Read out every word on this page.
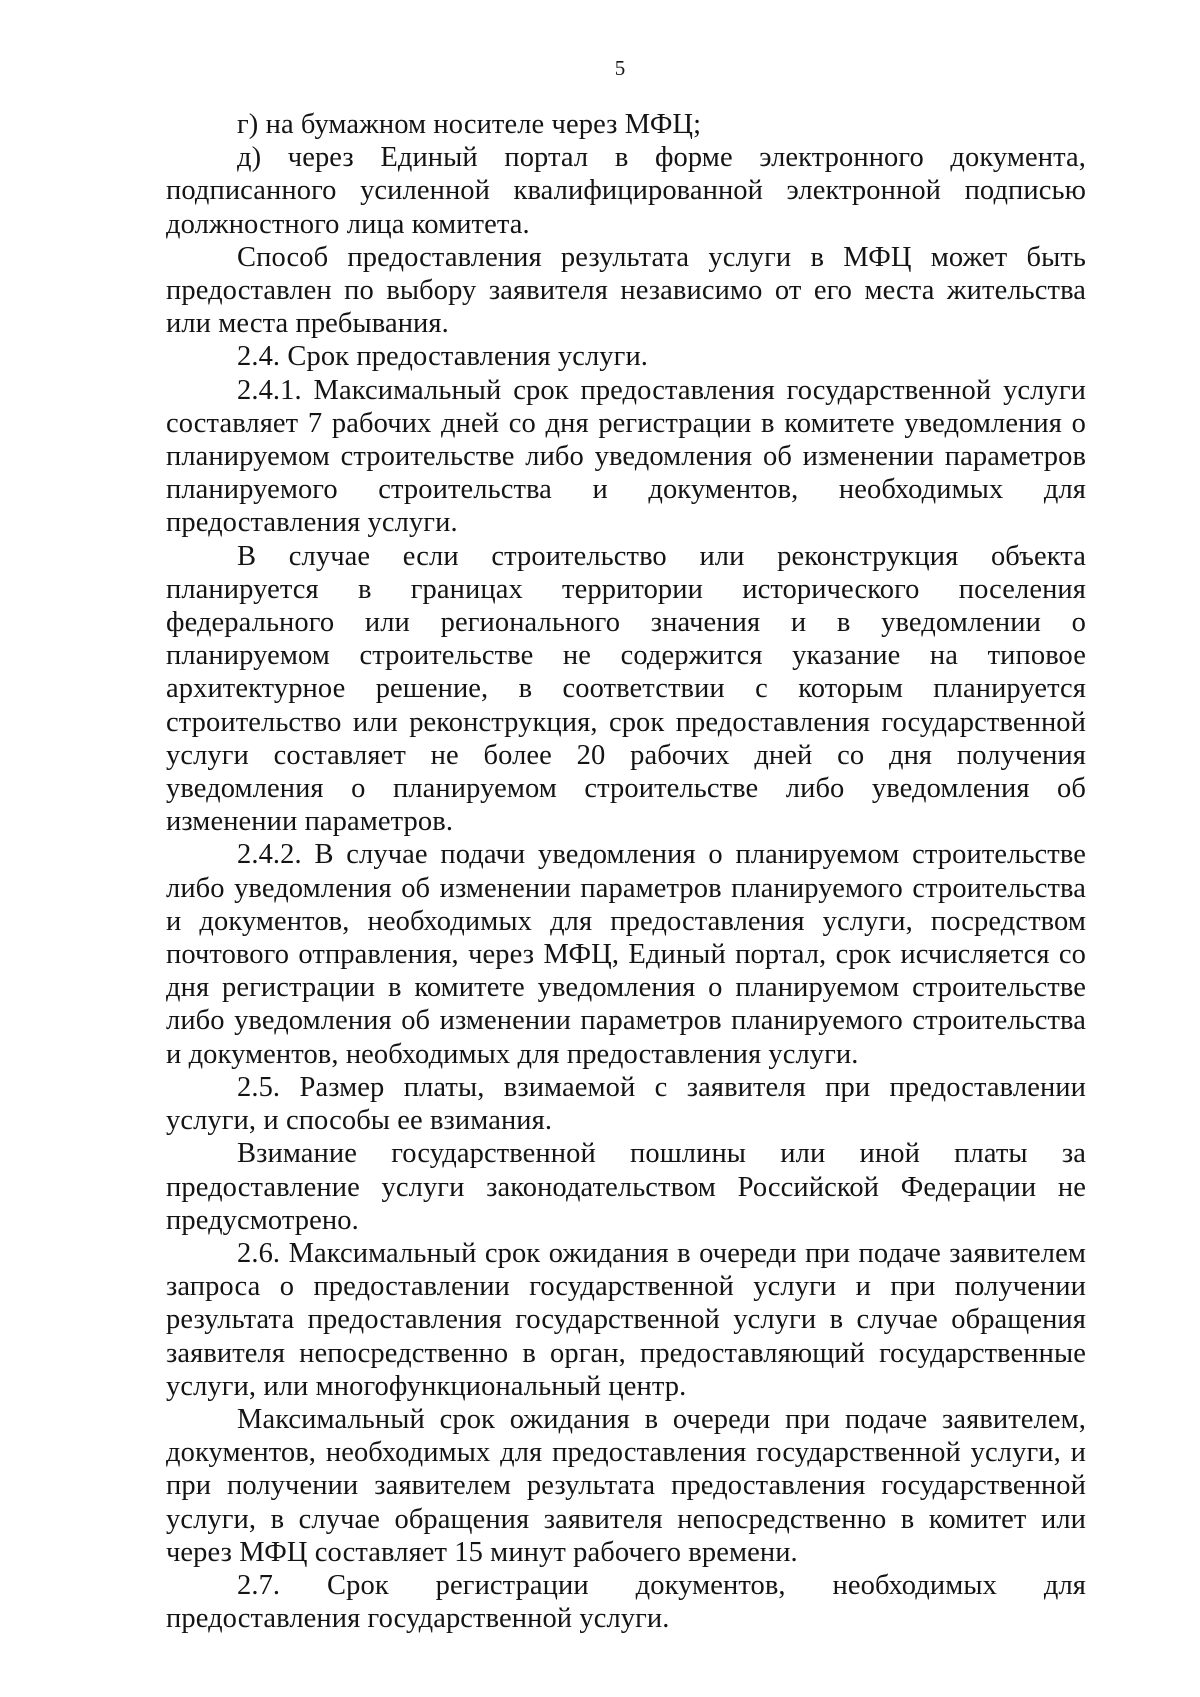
5

г) на бумажном носителе через МФЦ;

д) через Единый портал в форме электронного документа, подписанного усиленной квалифицированной электронной подписью должностного лица комитета.

Способ предоставления результата услуги в МФЦ может быть предоставлен по выбору заявителя независимо от его места жительства или места пребывания.

2.4. Срок предоставления услуги.

2.4.1. Максимальный срок предоставления государственной услуги составляет 7 рабочих дней со дня регистрации в комитете уведомления о планируемом строительстве либо уведомления об изменении параметров планируемого строительства и документов, необходимых для предоставления услуги.

В случае если строительство или реконструкция объекта планируется в границах территории исторического поселения федерального или регионального значения и в уведомлении о планируемом строительстве не содержится указание на типовое архитектурное решение, в соответствии с которым планируется строительство или реконструкция, срок предоставления государственной услуги составляет не более 20 рабочих дней со дня получения уведомления о планируемом строительстве либо уведомления об изменении параметров.

2.4.2. В случае подачи уведомления о планируемом строительстве либо уведомления об изменении параметров планируемого строительства и документов, необходимых для предоставления услуги, посредством почтового отправления, через МФЦ, Единый портал, срок исчисляется со дня регистрации в комитете уведомления о планируемом строительстве либо уведомления об изменении параметров планируемого строительства и документов, необходимых для предоставления услуги.

2.5. Размер платы, взимаемой с заявителя при предоставлении услуги, и способы ее взимания.

Взимание государственной пошлины или иной платы за предоставление услуги законодательством Российской Федерации не предусмотрено.

2.6. Максимальный срок ожидания в очереди при подаче заявителем запроса о предоставлении государственной услуги и при получении результата предоставления государственной услуги в случае обращения заявителя непосредственно в орган, предоставляющий государственные услуги, или многофункциональный центр.

Максимальный срок ожидания в очереди при подаче заявителем, документов, необходимых для предоставления государственной услуги, и при получении заявителем результата предоставления государственной услуги, в случае обращения заявителя непосредственно в комитет или через МФЦ составляет 15 минут рабочего времени.

2.7. Срок регистрации документов, необходимых для предоставления государственной услуги.
